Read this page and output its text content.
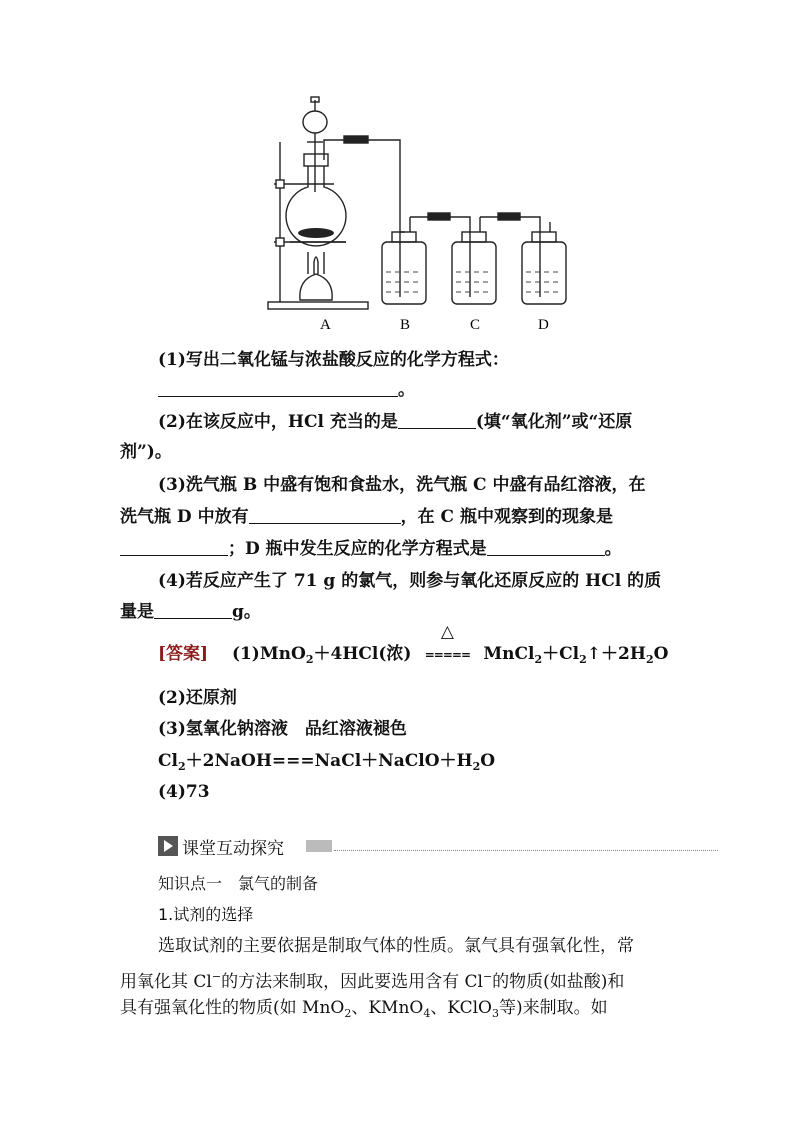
A	B	C	D
(1)写出二氧化锰与浓盐酸反应的化学方程式：
。
(2)在该反应中，HCl 充当的是	(填“氧化剂”或“还原
剂”)。
(3)洗气瓶 B 中盛有饱和食盐水，洗气瓶 C 中盛有品红溶液，在
洗气瓶 D 中放有	，在 C 瓶中观察到的现象是
；D 瓶中发生反应的化学方程式是	。
(4)若反应产生了 71 g 的氯气，则参与氧化还原反应的 HCl 的质
量是	g。
[答案] (1)MnO$_2$＋4HCl(浓)
△
===== $MnCl_2+Cl_2↑+2H_2O$
(2)还原剂
(3)氢氧化钠溶液　品红溶液褪色
$Cl_2+2NaOH===NaCl+NaClO+H_2O$
(4)73
课堂互动探究
知识点一　氯气的制备
1.试剂的选择
选取试剂的主要依据是制取气体的性质。氯气具有强氧化性，常
用氧化其 Cl−的方法来制取，因此要选用含有 Cl−的物质(如盐酸)和
具有强氧化性的物质(如 MnO$_2$、KMnO$_4$、KClO$_3$等)来制取。如
